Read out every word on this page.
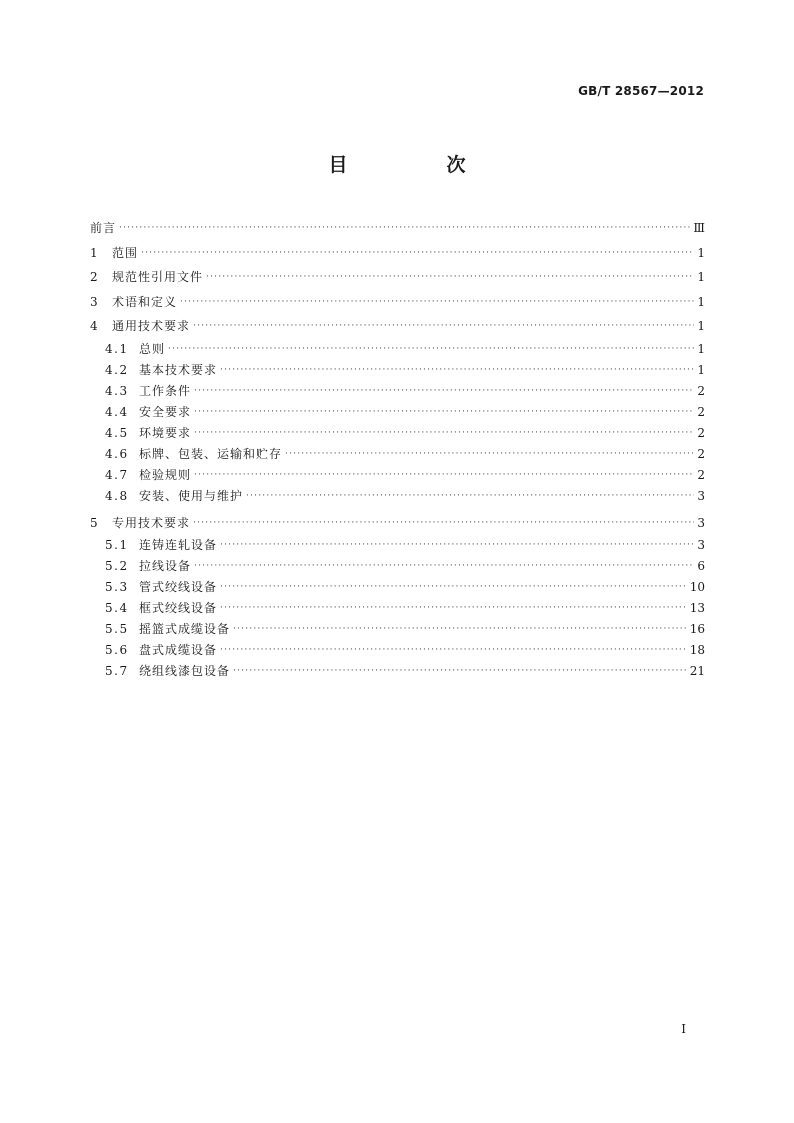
GB/T 28567—2012
目　次
前言 ·····	Ⅲ
1	范围 ·····	1
2	规范性引用文件 ·····	1
3	术语和定义 ·····	1
4	通用技术要求 ·····	1
4.1 总则 ·····	1
4.2 基本技术要求 ·····	1
4.3 工作条件 ·····	2
4.4 安全要求 ·····	2
4.5 环境要求 ·····	2
4.6 标牌、包装、运输和贮存 ·····	2
4.7 检验规则 ·····	2
4.8 安装、使用与维护 ·····	3
5	专用技术要求 ·····	3
5.1 连铸连轧设备 ·····	3
5.2 拉线设备 ·····	6
5.3 管式绞线设备 ·····	10
5.4 框式绞线设备 ·····	13
5.5 摇篮式成缆设备 ·····	16
5.6 盘式成缆设备 ·····	18
5.7 绕组线漆包设备 ·····	21
I
